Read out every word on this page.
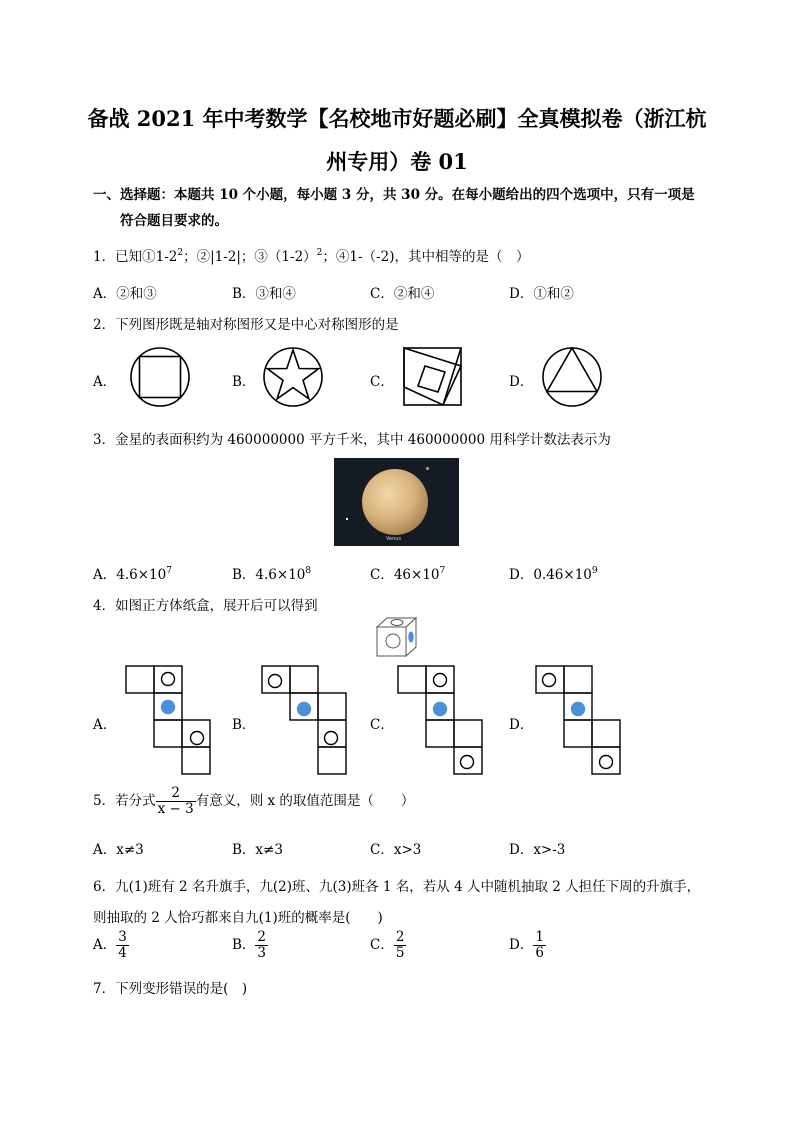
备战 2021 年中考数学【名校地市好题必刷】全真模拟卷（浙江杭
州专用）卷 01
一、选择题：本题共 10 个小题，每小题 3 分，共 30 分。在每小题给出的四个选项中，只有一项是
符合题目要求的。
1．已知$①1-2^2$；②|1-2|；$③(1-2)^2$；④1-（-2)，其中相等的是（　）
A．②和③	B．③和④	C．②和④	D．①和②
2．下列图形既是轴对称图形又是中心对称图形的是
A．	B．	C．	D．
3．金星的表面积约为 460000000 平方千米，其中 460000000 用科学计数法表示为
Venus
A．$4.6\times 10^7$	B．$4.6\times 10^8$	C．$46\times 10^7$	D．$0.46\times 10^9$
4．如图正方体纸盒，展开后可以得到
A．	B．	C．	D．
5．若分式 $\frac{2}{x - 3}$ 有意义，则 x 的取值范围是（　　）
A．x≠3	B．x≠3	C．x>3	D．x>-3
6．九(1)班有 2 名升旗手，九(2)班、九(3)班各 1 名，若从 4 人中随机抽取 2 人担任下周的升旗手，
则抽取的 2 人恰巧都来自九(1)班的概率是(　　)
A． $\frac{3}{4}$	B． $\frac{2}{3}$	C． $\frac{2}{5}$	D． $\frac{1}{6}$
7．下列变形错误的是(　)
